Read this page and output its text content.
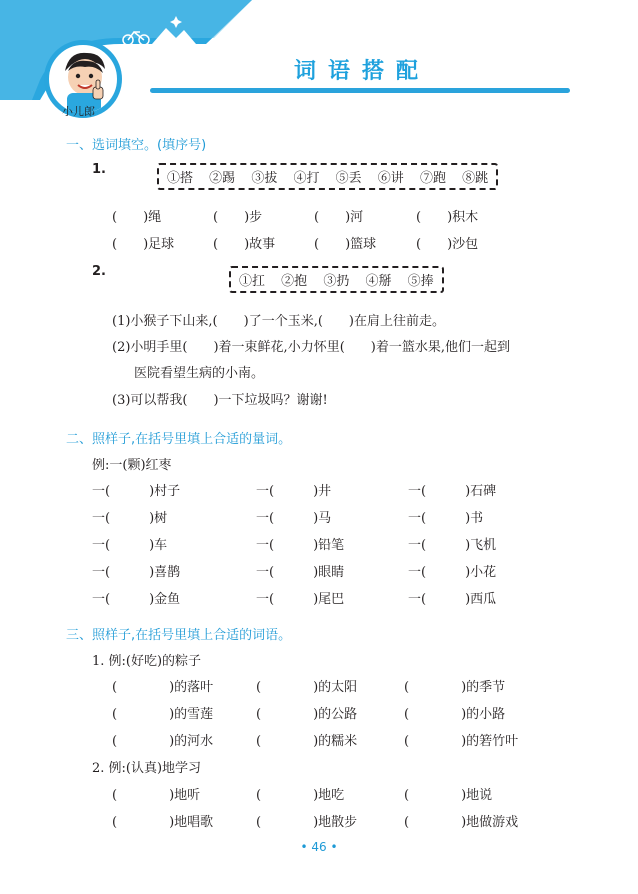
小儿郎
词语搭配
一、选词填空。(填序号)
1.
①搭 ②踢 ③拔 ④打 ⑤丢 ⑥讲 ⑦跑 ⑧跳
(　　)绳	(　　)步	(　　)河	(　　)积木
(　　)足球	(　　)故事	(　　)篮球	(　　)沙包
2.
①扛 ②抱 ③扔 ④掰 ⑤捧
(1)小猴子下山来,(　　)了一个玉米,(　　)在肩上往前走。
(2)小明手里(　　)着一束鲜花,小力怀里(　　)着一篮水果,他们一起到
医院看望生病的小南。
(3)可以帮我(　　)一下垃圾吗？谢谢!
二、照样子,在括号里填上合适的量词。
例:一(颗)红枣
一(　　　)村子	一(　　　)井	一(　　　)石碑
一(　　　)树	一(　　　)马	一(　　　)书
一(　　　)车	一(　　　)铅笔	一(　　　)飞机
一(　　　)喜鹊	一(　　　)眼睛	一(　　　)小花
一(　　　)金鱼	一(　　　)尾巴	一(　　　)西瓜
三、照样子,在括号里填上合适的词语。
1. 例:(好吃)的粽子
(　　　　)的落叶	(　　　　)的太阳	(　　　　)的季节
(　　　　)的雪莲	(　　　　)的公路	(　　　　)的小路
(　　　　)的河水	(　　　　)的糯米	(　　　　)的箬竹叶
2. 例:(认真)地学习
(　　　　)地听	(　　　　)地吃	(　　　　)地说
(　　　　)地唱歌	(　　　　)地散步	(　　　　)地做游戏
• 46 •
